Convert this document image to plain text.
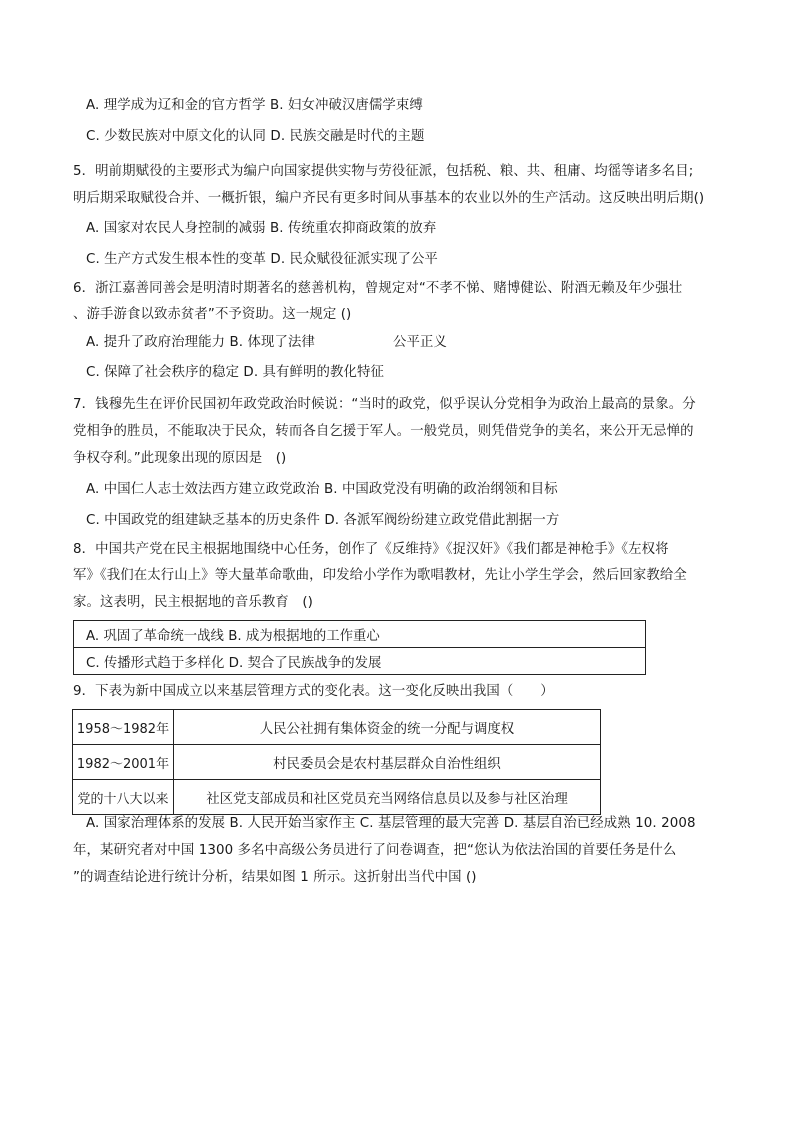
A. 理学成为辽和金的官方哲学 B. 妇女冲破汉唐儒学束缚
C. 少数民族对中原文化的认同 D. 民族交融是时代的主题
5．明前期赋役的主要形式为编户向国家提供实物与劳役征派，包括税、粮、共、租庸、均徭等诸多名目;
明后期采取赋役合并、一概折银，编户齐民有更多时间从事基本的农业以外的生产活动。这反映出明后期()
A. 国家对农民人身控制的减弱 B. 传统重农抑商政策的放弃
C. 生产方式发生根本性的变革 D. 民众赋役征派实现了公平
6．浙江嘉善同善会是明清时期著名的慈善机构，曾规定对“不孝不悌、赌博健讼、附酒无赖及年少强壮
、游手游食以致赤贫者”不予资助。这一规定 ()
A. 提升了政府治理能力 B. 体现了法律	公平正义
C. 保障了社会秩序的稳定 D. 具有鲜明的教化特征
7．钱穆先生在评价民国初年政党政治时候说：“当时的政党，似乎误认分党相争为政治上最高的景象。分
党相争的胜员，不能取决于民众，转而各自乞援于军人。一般党员，则凭借党争的美名，来公开无忌惮的
争权夺利。”此现象出现的原因是　()
A. 中国仁人志士效法西方建立政党政治 B. 中国政党没有明确的政治纲领和目标
C. 中国政党的组建缺乏基本的历史条件 D. 各派军阀纷纷建立政党借此割据一方
8．中国共产党在民主根据地围绕中心任务，创作了《反维持》《捉汉奸》《我们都是神枪手》《左权将
军》《我们在太行山上》等大量革命歌曲，印发给小学作为歌唱教材，先让小学生学会，然后回家教给全
家。这表明，民主根据地的音乐教育　()
A. 巩固了革命统一战线 B. 成为根据地的工作重心
C. 传播形式趋于多样化 D. 契合了民族战争的发展
9．下表为新中国成立以来基层管理方式的变化表。这一变化反映出我国（　　）
1958～1982年	人民公社拥有集体资金的统一分配与调度权
1982～2001年	村民委员会是农村基层群众自治性组织
党的十八大以来	社区党支部成员和社区党员充当网络信息员以及参与社区治理
A. 国家治理体系的发展 B. 人民开始当家作主 C. 基层管理的最大完善 D. 基层自治已经成熟 10. 2008
年，某研究者对中国 1300 多名中高级公务员进行了问卷调查，把“您认为依法治国的首要任务是什么
”的调查结论进行统计分析，结果如图 1 所示。这折射出当代中国 ()
